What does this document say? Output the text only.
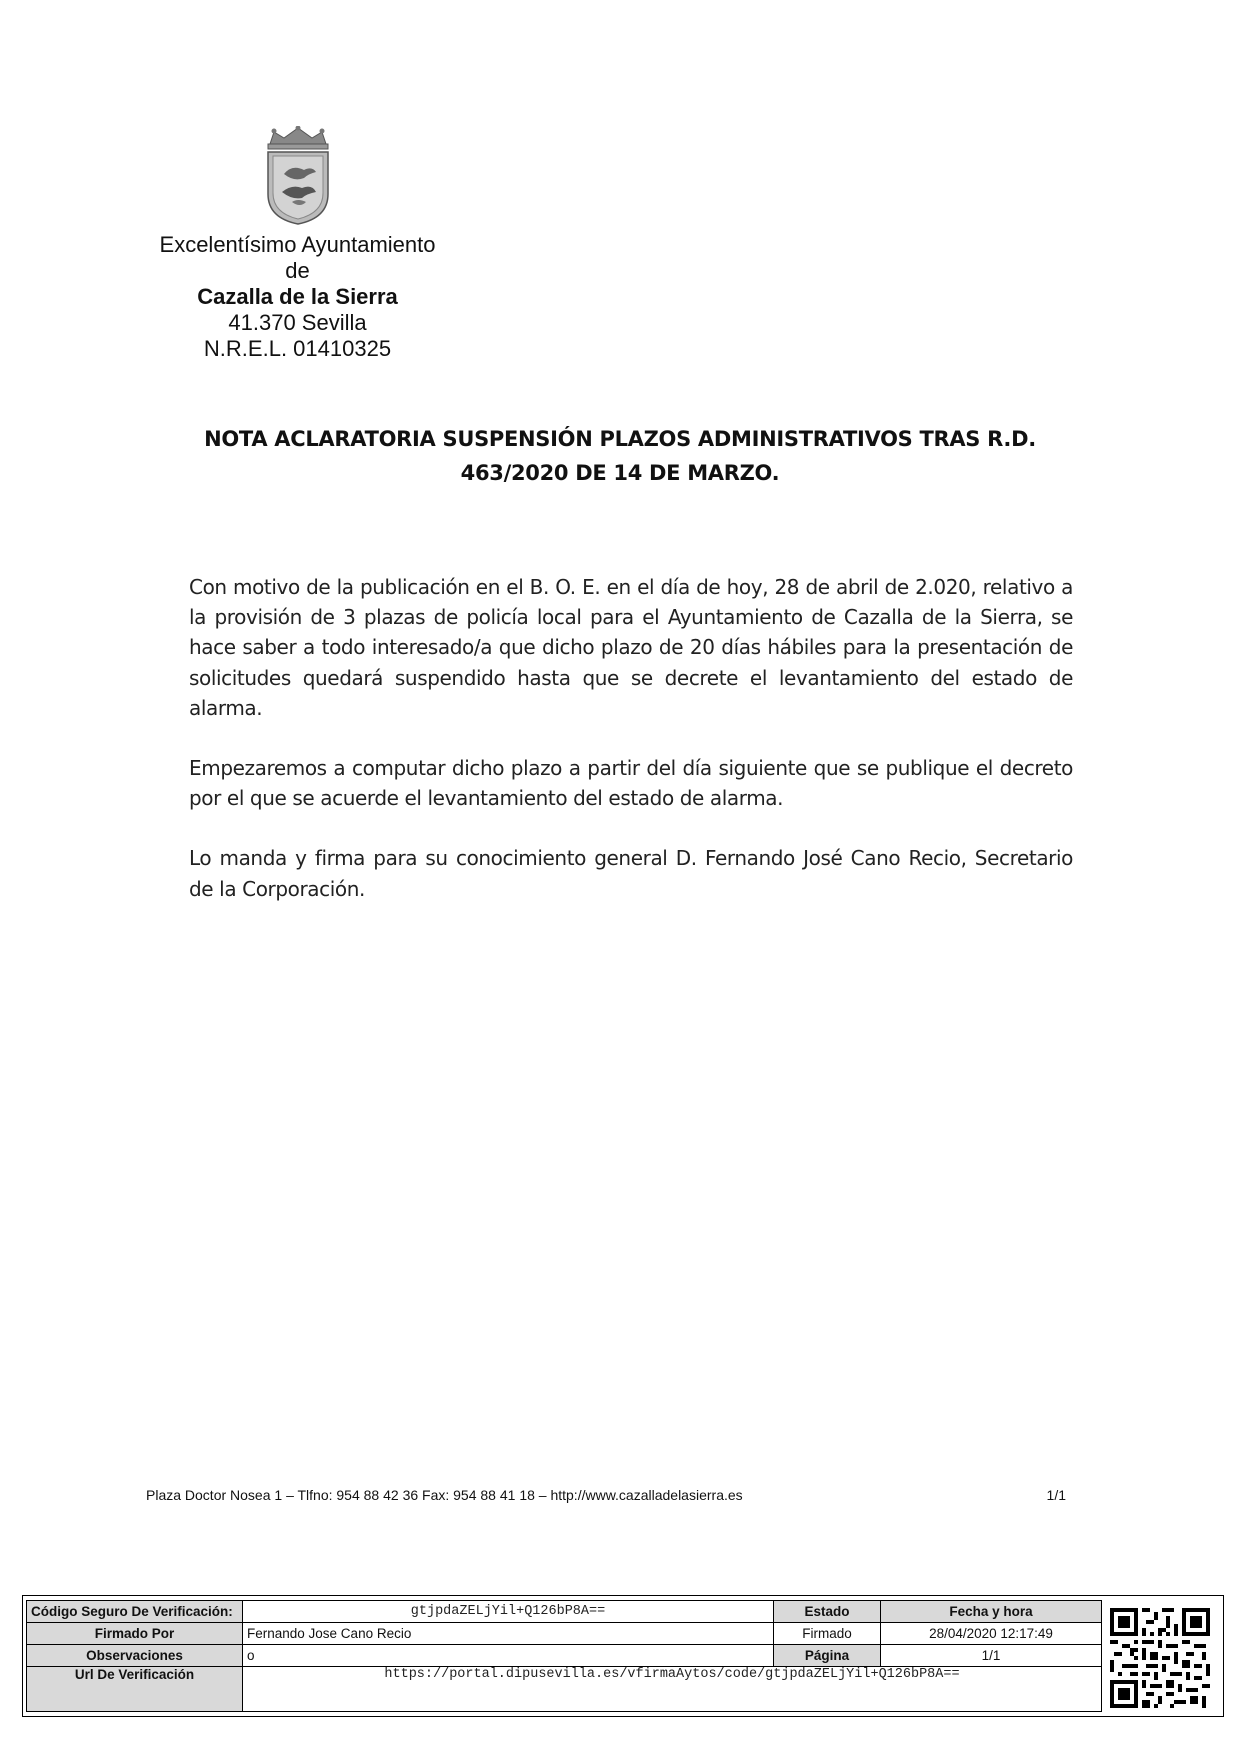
Excelentísimo Ayuntamiento
de
Cazalla de la Sierra
41.370 Sevilla
N.R.E.L. 01410325
NOTA ACLARATORIA SUSPENSIÓN PLAZOS ADMINISTRATIVOS TRAS R.D.
463/2020 DE 14 DE MARZO.

Con motivo de la publicación en el B. O. E. en el día de hoy, 28 de abril de 2.020, relativo a la provisión de 3 plazas de policía local para el Ayuntamiento de Cazalla de la Sierra, se hace saber a todo interesado/a que dicho plazo de 20 días hábiles para la presentación de solicitudes quedará suspendido hasta que se decrete el levantamiento del estado de alarma.

Empezaremos a computar dicho plazo a partir del día siguiente que se publique el decreto por el que se acuerde el levantamiento del estado de alarma.

Lo manda y firma para su conocimiento general D. Fernando José Cano Recio, Secretario de la Corporación.

Plaza Doctor Nosea 1 – Tlfno: 954 88 42 36 Fax: 954 88 41 18 – http://www.cazalladelasierra.es	1/1
Código Seguro De Verificación:	gtjpdaZELjYil+Q126bP8A==	Estado	Fecha y hora
Firmado Por	Fernando Jose Cano Recio	Firmado	28/04/2020 12:17:49
Observaciones	o	Página	1/1
Url De Verificación	https://portal.dipusevilla.es/vfirmaAytos/code/gtjpdaZELjYil+Q126bP8A==		
